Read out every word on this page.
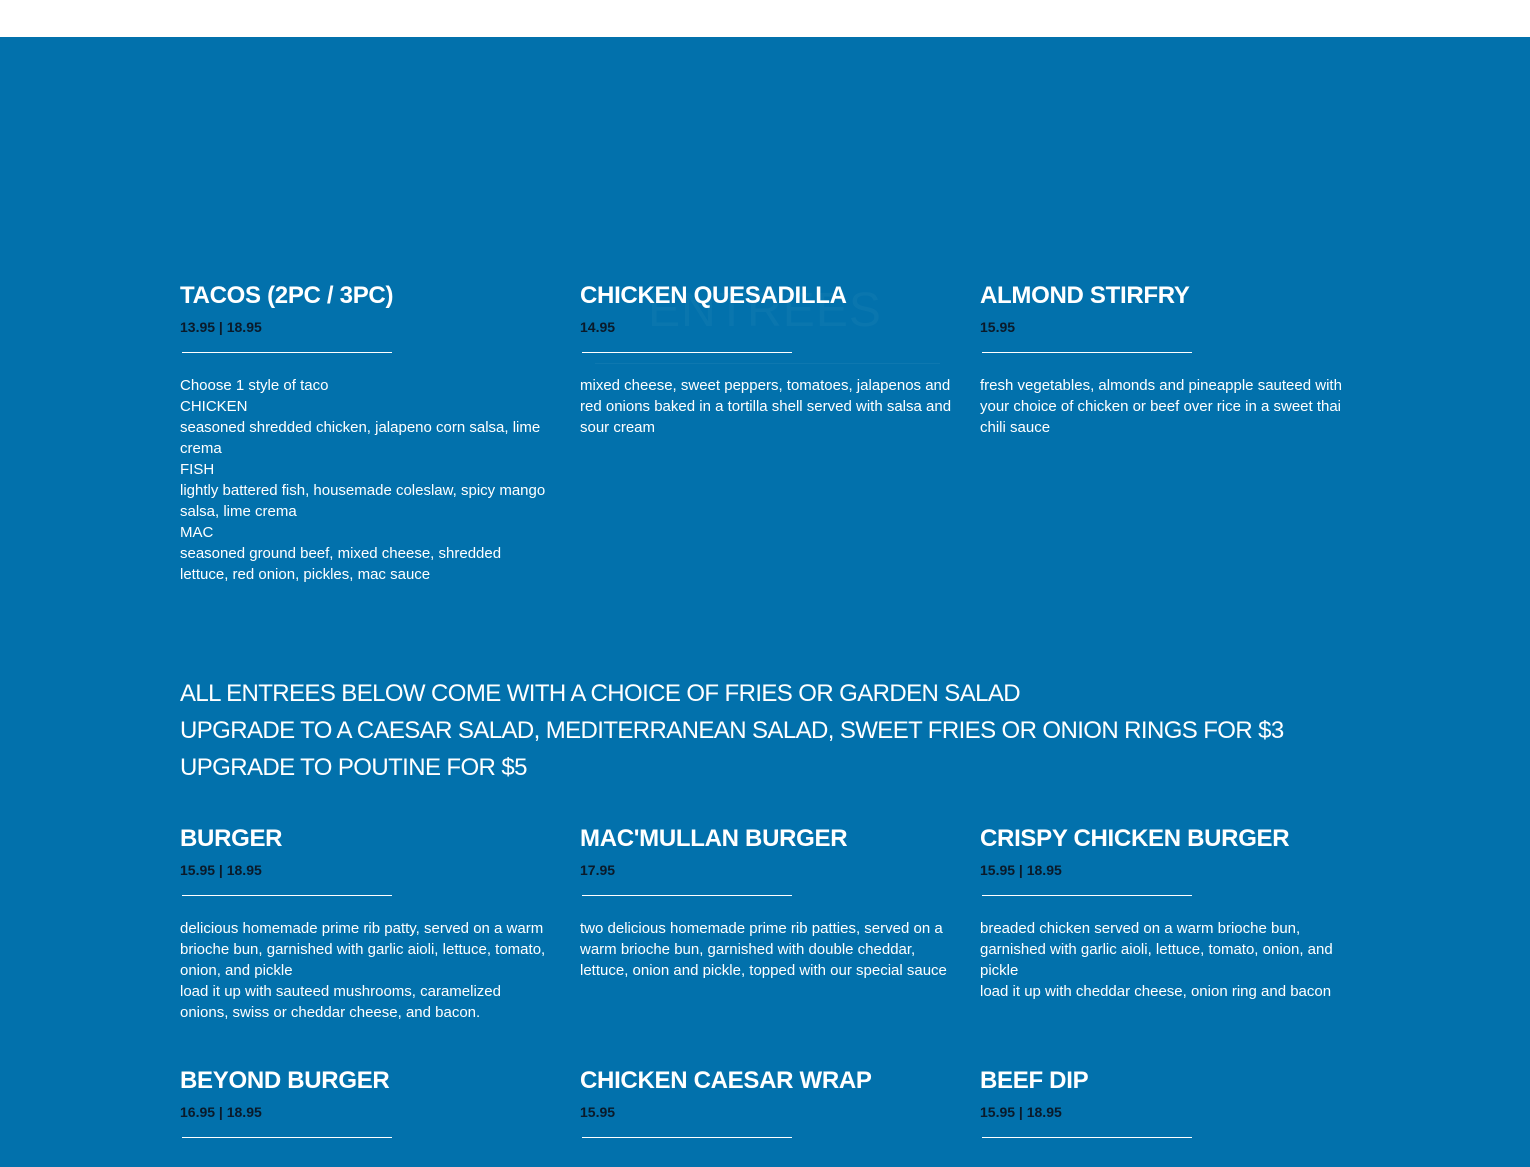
TACOS (2PC / 3PC)
13.95 | 18.95
Choose 1 style of taco
CHICKEN
seasoned shredded chicken, jalapeno corn salsa, lime crema
FISH
lightly battered fish, housemade coleslaw, spicy mango salsa, lime crema
MAC
seasoned ground beef, mixed cheese, shredded lettuce, red onion, pickles, mac sauce
CHICKEN QUESADILLA
14.95
mixed cheese, sweet peppers, tomatoes, jalapenos and red onions baked in a tortilla shell served with salsa and sour cream
ALMOND STIRFRY
15.95
fresh vegetables, almonds and pineapple sauteed with your choice of chicken or beef over rice in a sweet thai chili sauce
ALL ENTREES BELOW COME WITH A CHOICE OF FRIES OR GARDEN SALAD
UPGRADE TO A CAESAR SALAD, MEDITERRANEAN SALAD, SWEET FRIES OR ONION RINGS FOR $3
UPGRADE TO POUTINE FOR $5
BURGER
15.95 | 18.95
delicious homemade prime rib patty, served on a warm brioche bun, garnished with garlic aioli, lettuce, tomato, onion, and pickle
load it up with sauteed mushrooms, caramelized onions, swiss or cheddar cheese, and bacon.
MAC'MULLAN BURGER
17.95
two delicious homemade prime rib patties, served on a warm brioche bun, garnished with double cheddar, lettuce, onion and pickle, topped with our special sauce
CRISPY CHICKEN BURGER
15.95 | 18.95
breaded chicken served on a warm brioche bun, garnished with garlic aioli, lettuce, tomato, onion, and pickle
load it up with cheddar cheese, onion ring and bacon
BEYOND BURGER
16.95 | 18.95
CHICKEN CAESAR WRAP
15.95
BEEF DIP
15.95 | 18.95
